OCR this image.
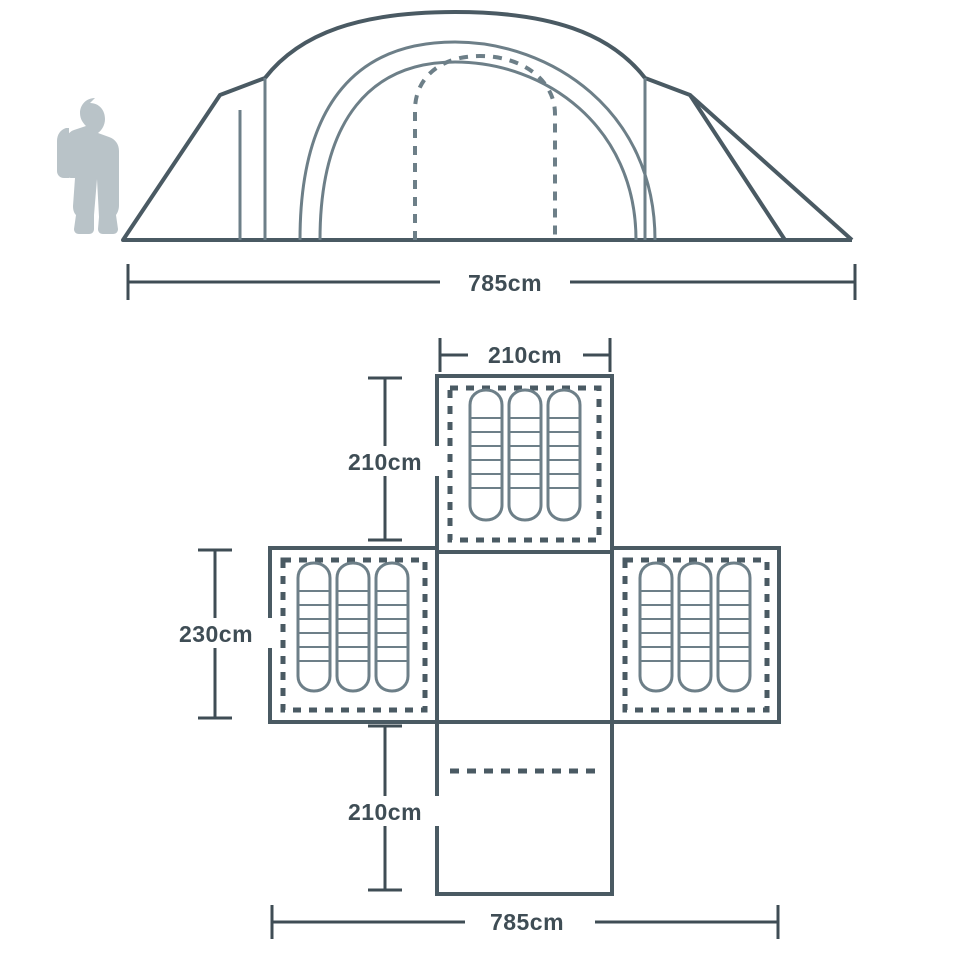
785cm
210cm
210cm
230cm
210cm
785cm
